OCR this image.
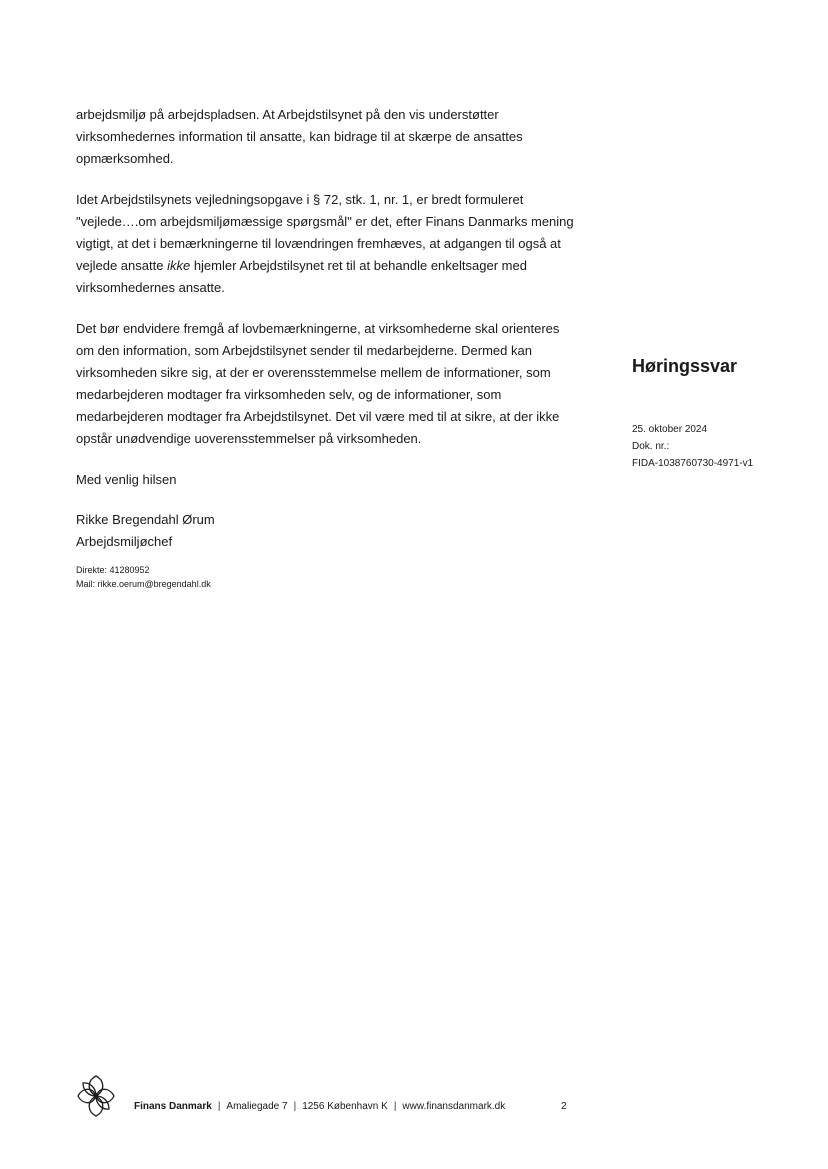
arbejdsmiljø på arbejdspladsen. At Arbejdstilsynet på den vis understøtter virksomhedernes information til ansatte, kan bidrage til at skærpe de ansattes opmærksomhed.

Idet Arbejdstilsynets vejledningsopgave i § 72, stk. 1, nr. 1, er bredt formuleret "vejlede….om arbejdsmiljømæssige spørgsmål" er det, efter Finans Danmarks mening vigtigt, at det i bemærkningerne til lovændringen fremhæves, at adgangen til også at vejlede ansatte ikke hjemler Arbejdstilsynet ret til at behandle enkeltsager med virksomhedernes ansatte.

Det bør endvidere fremgå af lovbemærkningerne, at virksomhederne skal orienteres om den information, som Arbejdstilsynet sender til medarbejderne. Dermed kan virksomheden sikre sig, at der er overensstemmelse mellem de informationer, som medarbejderen modtager fra virksomheden selv, og de informationer, som medarbejderen modtager fra Arbejdstilsynet. Det vil være med til at sikre, at der ikke opstår unødvendige uoverensstemmelser på virksomheden.

Med venlig hilsen

Rikke Bregendahl Ørum
Arbejdsmiljøchef
Direkte: 41280952
Mail: rikke.oerum@bregendahl.dk
Høringssvar
25. oktober 2024
Dok. nr.:
FIDA-1038760730-4971-v1
Finans Danmark | Amaliegade 7 | 1256 København K | www.finansdanmark.dk	2
